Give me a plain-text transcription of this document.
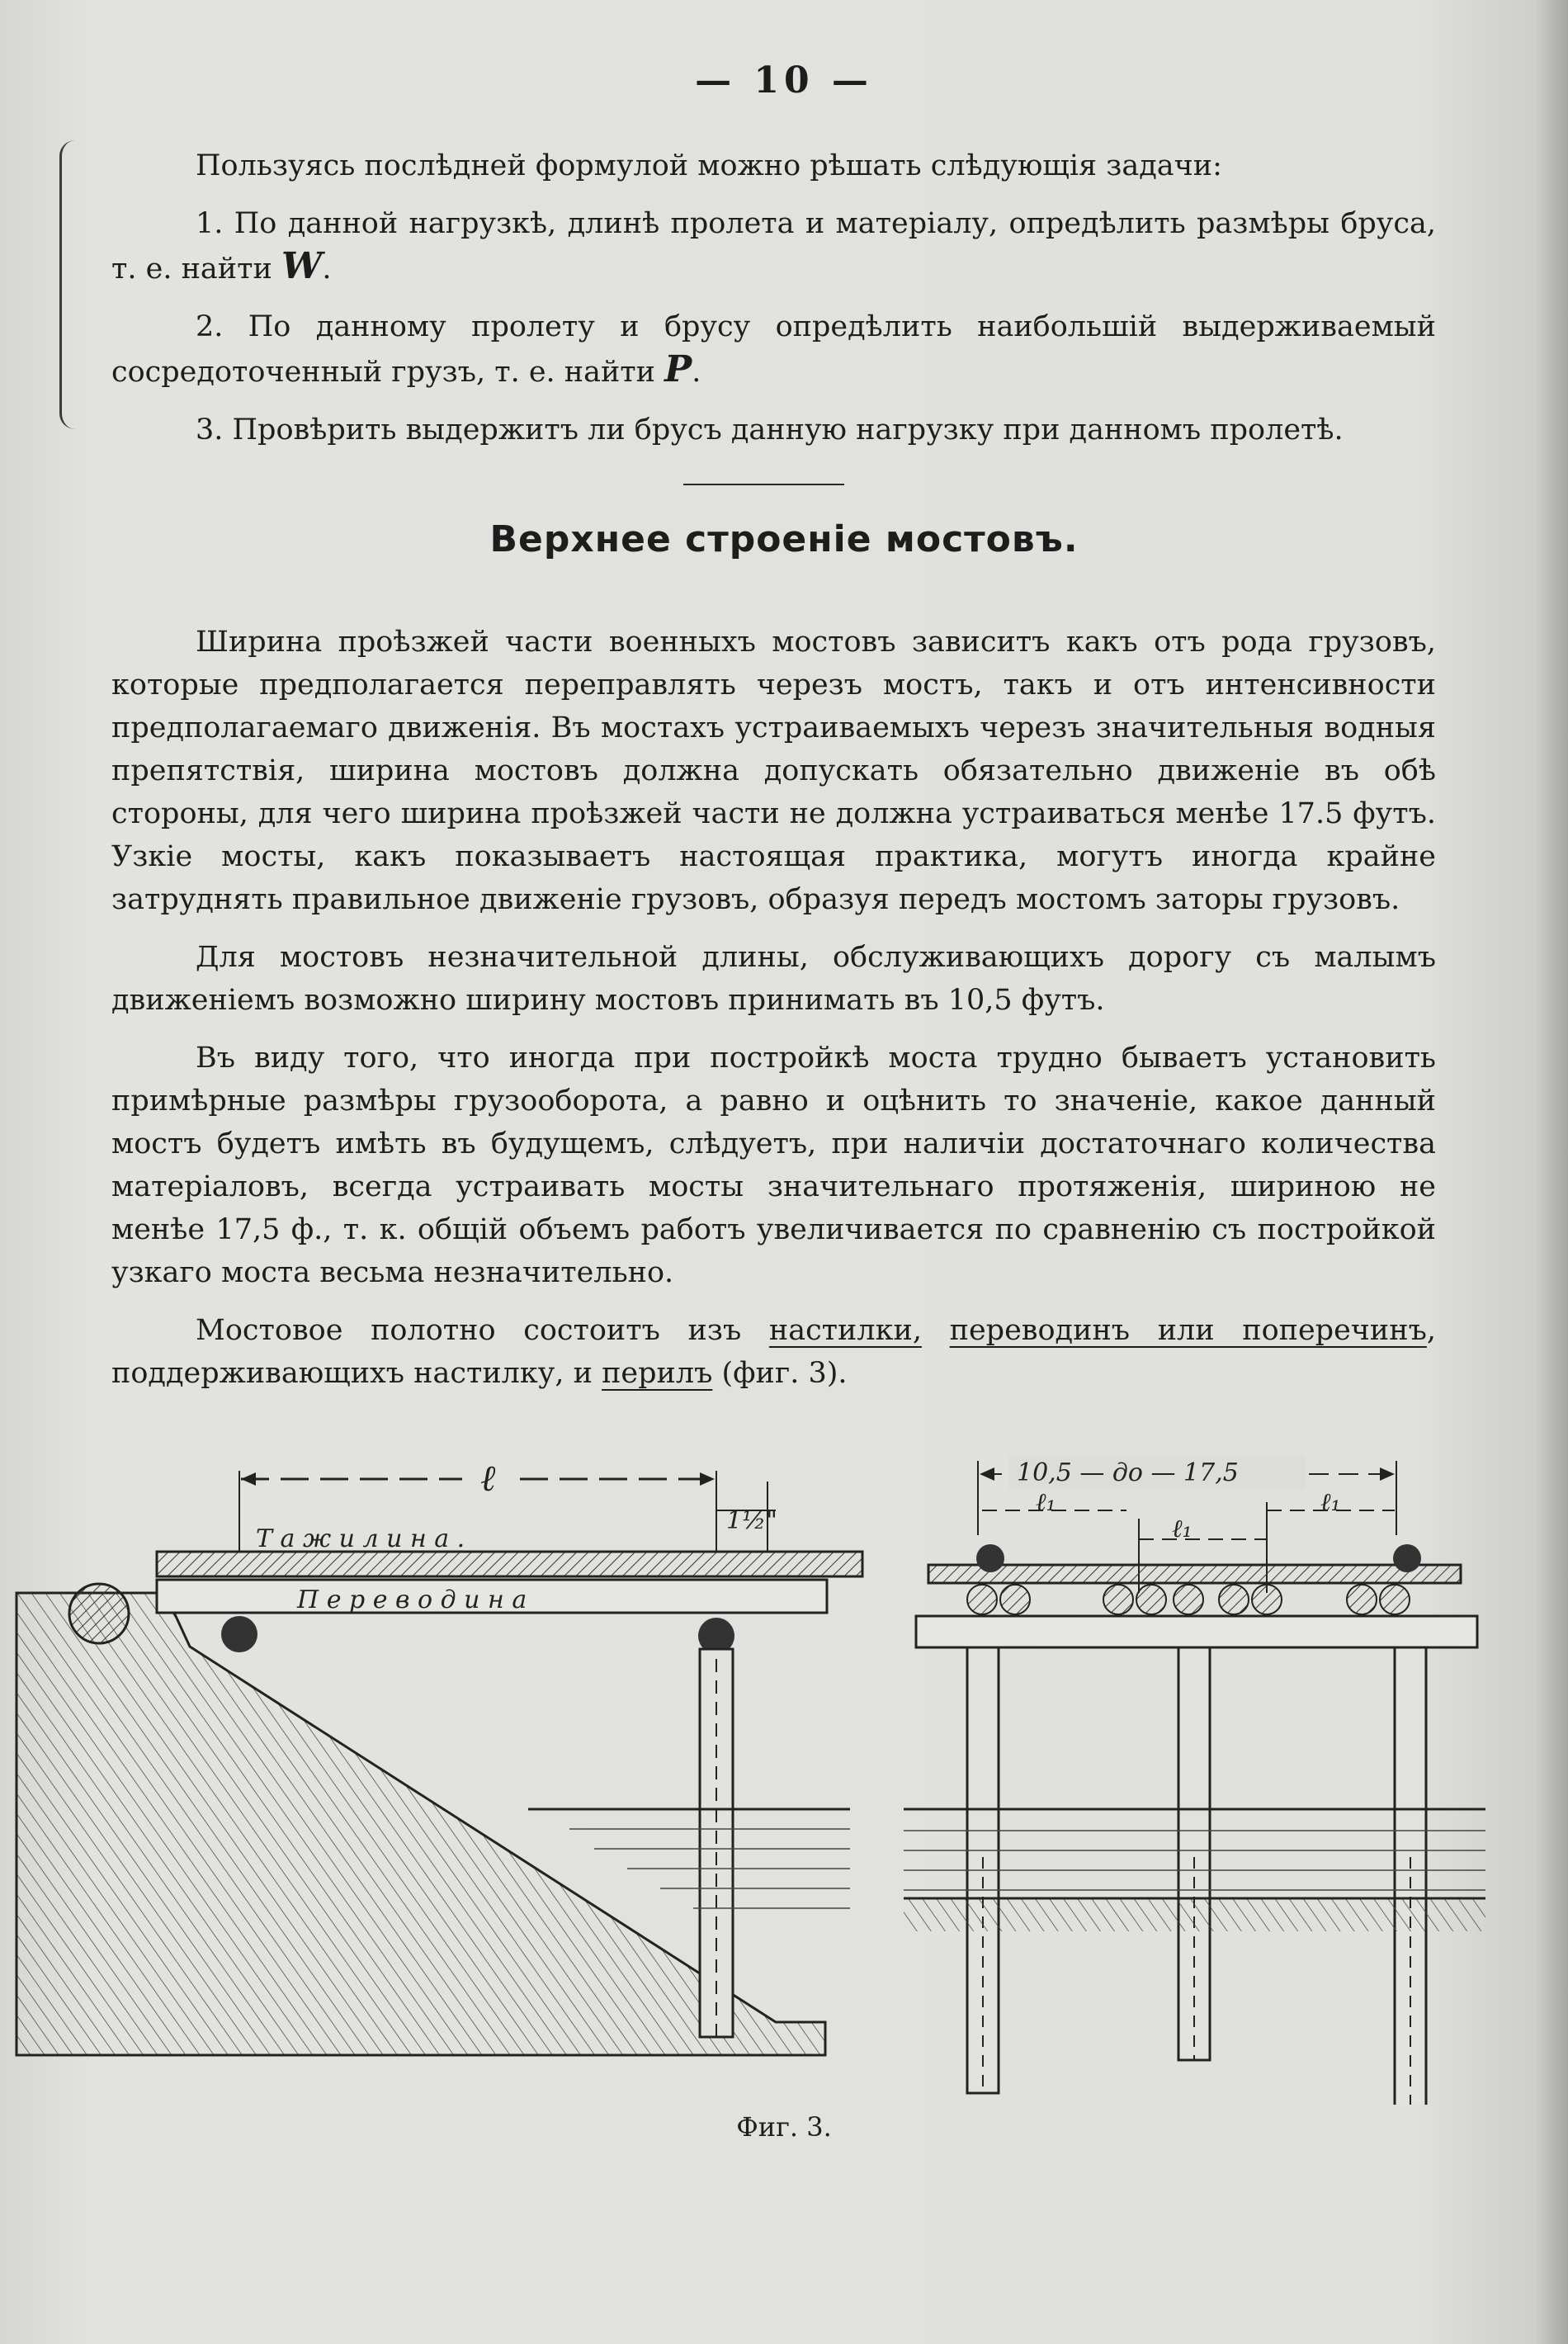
— 10 —

Пользуясь послѣдней формулой можно рѣшать слѣдующія задачи:

1. По данной нагрузкѣ, длинѣ пролета и матеріалу, опредѣлить размѣры бруса, т. е. найти W.

2. По данному пролету и брусу опредѣлить наибольшій выдерживаемый сосредоточенный грузъ, т. е. найти P.

3. Провѣрить выдержитъ ли брусъ данную нагрузку при данномъ пролетѣ.

Верхнее строеніе мостовъ.

Ширина проѣзжей части военныхъ мостовъ зависитъ какъ отъ рода грузовъ, которые предполагается переправлять черезъ мостъ, такъ и отъ интенсивности предполагаемаго движенія. Въ мостахъ устраиваемыхъ черезъ значительныя водныя препятствія, ширина мостовъ должна допускать обязательно движеніе въ обѣ стороны, для чего ширина проѣзжей части не должна устраиваться менѣе 17.5 футъ. Узкіе мосты, какъ показываетъ настоящая практика, могутъ иногда крайне затруднять правильное движеніе грузовъ, образуя передъ мостомъ заторы грузовъ.

Для мостовъ незначительной длины, обслуживающихъ дорогу съ малымъ движеніемъ возможно ширину мостовъ принимать въ 10,5 футъ.

Въ виду того, что иногда при постройкѣ моста трудно бываетъ установить примѣрные размѣры грузооборота, а равно и оцѣнить то значеніе, какое данный мостъ будетъ имѣть въ будущемъ, слѣдуетъ, при наличіи достаточнаго количества матеріаловъ, всегда устраивать мосты значительнаго протяженія, шириною не менѣе 17,5 ф., т. к. общій объемъ работъ увеличивается по сравненію съ постройкой узкаго моста весьма незначительно.

Мостовое полотно состоитъ изъ настилки, переводинъ или поперечинъ, поддерживающихъ настилку, и перилъ (фиг. 3).

ℓ
1½"
Т а ж и л и н а .
П е р е в о д и н а
10,5 — до — 17,5
ℓ₁
ℓ₁
ℓ₁
Фиг. 3.
